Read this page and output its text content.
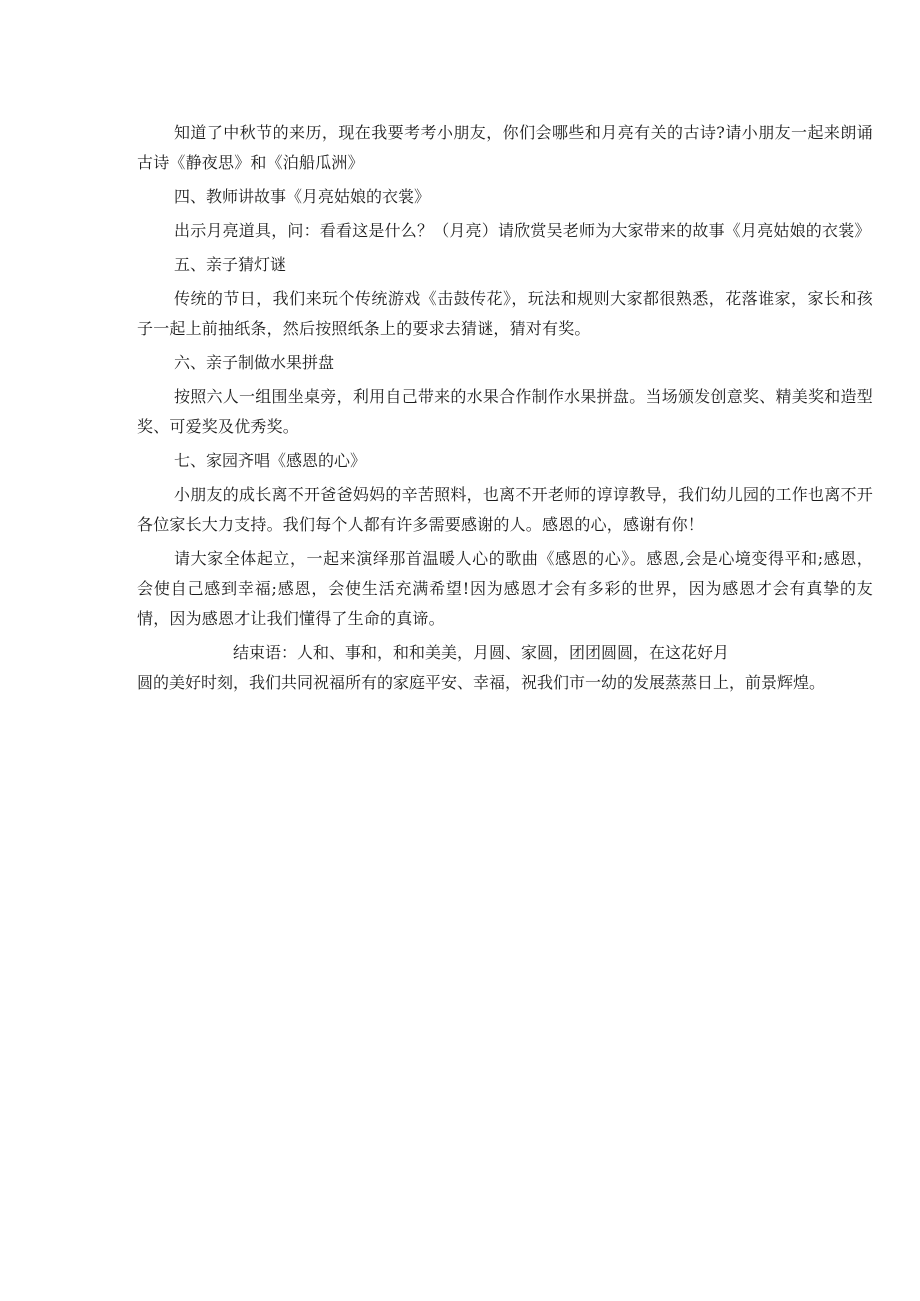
知道了中秋节的来历，现在我要考考小朋友，你们会哪些和月亮有关的古诗?请小朋友一起来朗诵古诗《静夜思》和《泊船瓜洲》

四、教师讲故事《月亮姑娘的衣裳》

出示月亮道具，问：看看这是什么？（月亮）请欣赏吴老师为大家带来的故事《月亮姑娘的衣裳》

五、亲子猜灯谜

传统的节日，我们来玩个传统游戏《击鼓传花》，玩法和规则大家都很熟悉，花落谁家，家长和孩子一起上前抽纸条，然后按照纸条上的要求去猜谜，猜对有奖。

六、亲子制做水果拼盘

按照六人一组围坐桌旁，利用自己带来的水果合作制作水果拼盘。当场颁发创意奖、精美奖和造型奖、可爱奖及优秀奖。

七、家园齐唱《感恩的心》

小朋友的成长离不开爸爸妈妈的辛苦照料，也离不开老师的谆谆教导，我们幼儿园的工作也离不开各位家长大力支持。我们每个人都有许多需要感谢的人。感恩的心，感谢有你！

请大家全体起立，一起来演绎那首温暖人心的歌曲《感恩的心》。感恩,会是心境变得平和;感恩，会使自己感到幸福;感恩，会使生活充满希望!因为感恩才会有多彩的世界，因为感恩才会有真挚的友情，因为感恩才让我们懂得了生命的真谛。

结束语：人和、事和，和和美美，月圆、家圆，团团圆圆，在这花好月

圆的美好时刻，我们共同祝福所有的家庭平安、幸福，祝我们市一幼的发展蒸蒸日上，前景辉煌。
